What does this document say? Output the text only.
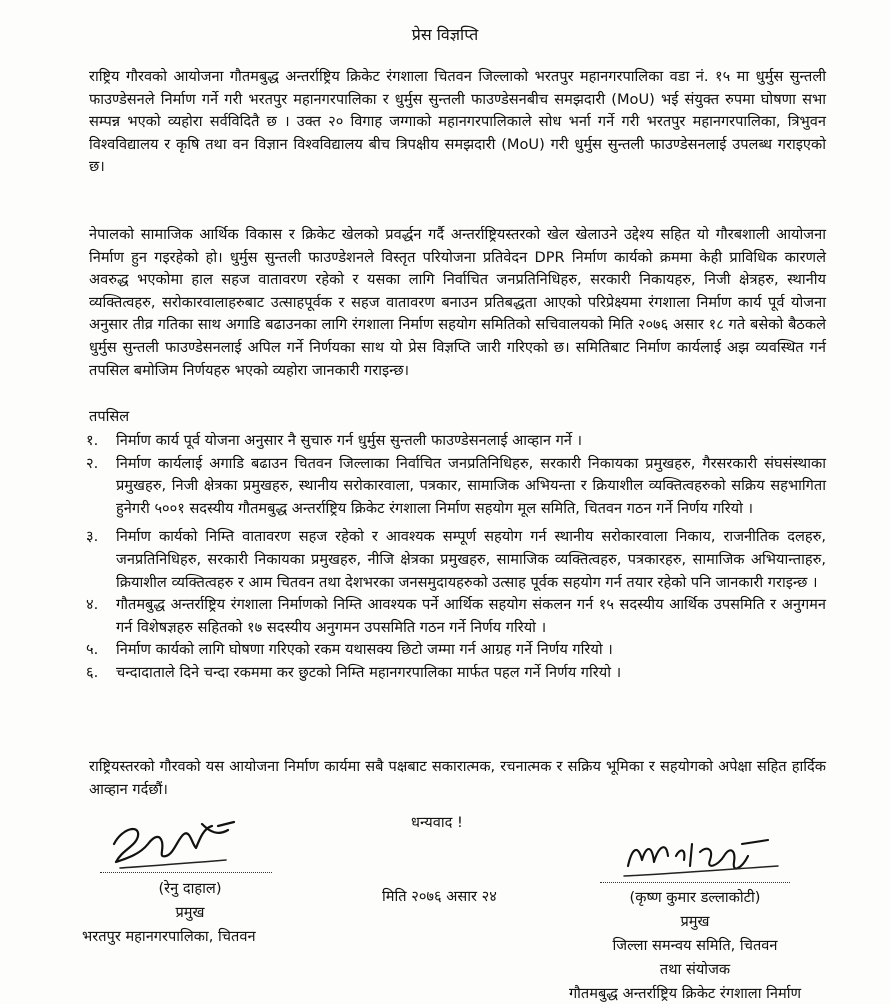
प्रेस विज्ञप्ति
राष्ट्रिय गौरवको आयोजना गौतमबुद्ध अन्तर्राष्ट्रिय क्रिकेट रंगशाला चितवन जिल्लाको भरतपुर महानगरपालिका वडा नं. १५ मा धुर्मुस सुन्तली फाउण्डेसनले निर्माण गर्ने गरी भरतपुर महानगरपालिका र धुर्मुस सुन्तली फाउण्डेसनबीच समझदारी (MoU) भई संयुक्त रुपमा घोषणा सभा सम्पन्न भएको व्यहोरा सर्वविदितै छ । उक्त २० विगाह जग्गाको महानगरपालिकाले सोध भर्ना गर्ने गरी भरतपुर महानगरपालिका, त्रिभुवन विश्वविद्यालय र कृषि तथा वन विज्ञान विश्वविद्यालय बीच त्रिपक्षीय समझदारी (MoU) गरी धुर्मुस सुन्तली फाउण्डेसनलाई उपलब्ध गराइएको छ।
नेपालको सामाजिक आर्थिक विकास र क्रिकेट खेलको प्रवर्द्धन गर्दै अन्तर्राष्ट्रियस्तरको खेल खेलाउने उद्देश्य सहित यो गौरबशाली आयोजना निर्माण हुन गइरहेको हो। धुर्मुस सुन्तली फाउण्डेशनले विस्तृत परियोजना प्रतिवेदन DPR निर्माण कार्यको क्रममा केही प्राविधिक कारणले अवरुद्ध भएकोमा हाल सहज वातावरण रहेको र यसका लागि निर्वाचित जनप्रतिनिधिहरु, सरकारी निकायहरु, निजी क्षेत्रहरु, स्थानीय व्यक्तित्वहरु, सरोकारवालाहरुबाट उत्साहपूर्वक र सहज वातावरण बनाउन प्रतिबद्धता आएको परिप्रेक्ष्यमा रंगशाला निर्माण कार्य पूर्व योजना अनुसार तीव्र गतिका साथ अगाडि बढाउनका लागि रंगशाला निर्माण सहयोग समितिको सचिवालयको मिति २०७६ असार १८ गते बसेको बैठकले धुर्मुस सुन्तली फाउण्डेसनलाई अपिल गर्ने निर्णयका साथ यो प्रेस विज्ञप्ति जारी गरिएको छ। समितिबाट निर्माण कार्यलाई अझ व्यवस्थित गर्न तपसिल बमोजिम निर्णयहरु भएको व्यहोरा जानकारी गराइन्छ।
तपसिल
१. निर्माण कार्य पूर्व योजना अनुसार नै सुचारु गर्न धुर्मुस सुन्तली फाउण्डेसनलाई आव्हान गर्ने ।
२. निर्माण कार्यलाई अगाडि बढाउन चितवन जिल्लाका निर्वाचित जनप्रतिनिधिहरु, सरकारी निकायका प्रमुखहरु, गैरसरकारी संघसंस्थाका प्रमुखहरु, निजी क्षेत्रका प्रमुखहरु, स्थानीय सरोकारवाला, पत्रकार, सामाजिक अभियन्ता र क्रियाशील व्यक्तित्वहरुको सक्रिय सहभागिता हुनेगरी ५००१ सदस्यीय गौतमबुद्ध अन्तर्राष्ट्रिय क्रिकेट रंगशाला निर्माण सहयोग मूल समिति, चितवन गठन गर्ने निर्णय गरियो ।
३. निर्माण कार्यको निम्ति वातावरण सहज रहेको र आवश्यक सम्पूर्ण सहयोग गर्न स्थानीय सरोकारवाला निकाय, राजनीतिक दलहरु, जनप्रतिनिधिहरु, सरकारी निकायका प्रमुखहरु, नीजि क्षेत्रका प्रमुखहरु, सामाजिक व्यक्तित्वहरु, पत्रकारहरु, सामाजिक अभियान्ताहरु, क्रियाशील व्यक्तित्वहरु र आम चितवन तथा देशभरका जनसमुदायहरुको उत्साह पूर्वक सहयोग गर्न तयार रहेको पनि जानकारी गराइन्छ ।
४. गौतमबुद्ध अन्तर्राष्ट्रिय रंगशाला निर्माणको निम्ति आवश्यक पर्ने आर्थिक सहयोग संकलन गर्न १५ सदस्यीय आर्थिक उपसमिति र अनुगमन गर्न विशेषज्ञहरु सहितको १७ सदस्यीय अनुगमन उपसमिति गठन गर्ने निर्णय गरियो ।
५. निर्माण कार्यको लागि घोषणा गरिएको रकम यथासक्य छिटो जम्मा गर्न आग्रह गर्ने निर्णय गरियो ।
६. चन्दादाताले दिने चन्दा रकममा कर छुटको निम्ति महानगरपालिका मार्फत पहल गर्ने निर्णय गरियो ।
राष्ट्रियस्तरको गौरवको यस आयोजना निर्माण कार्यमा सबै पक्षबाट सकारात्मक, रचनात्मक र सक्रिय भूमिका र सहयोगको अपेक्षा सहित हार्दिक आव्हान गर्दछौं।
धन्यवाद !
(रेनु दाहाल)
प्रमुख
भरतपुर महानगरपालिका, चितवन
मिति २०७६ असार २४	(कृष्ण कुमार डल्लाकोटी)
प्रमुख
जिल्ला समन्वय समिति, चितवन
तथा संयोजक
गौतमबुद्ध अन्तर्राष्ट्रिय क्रिकेट रंगशाला निर्माण
